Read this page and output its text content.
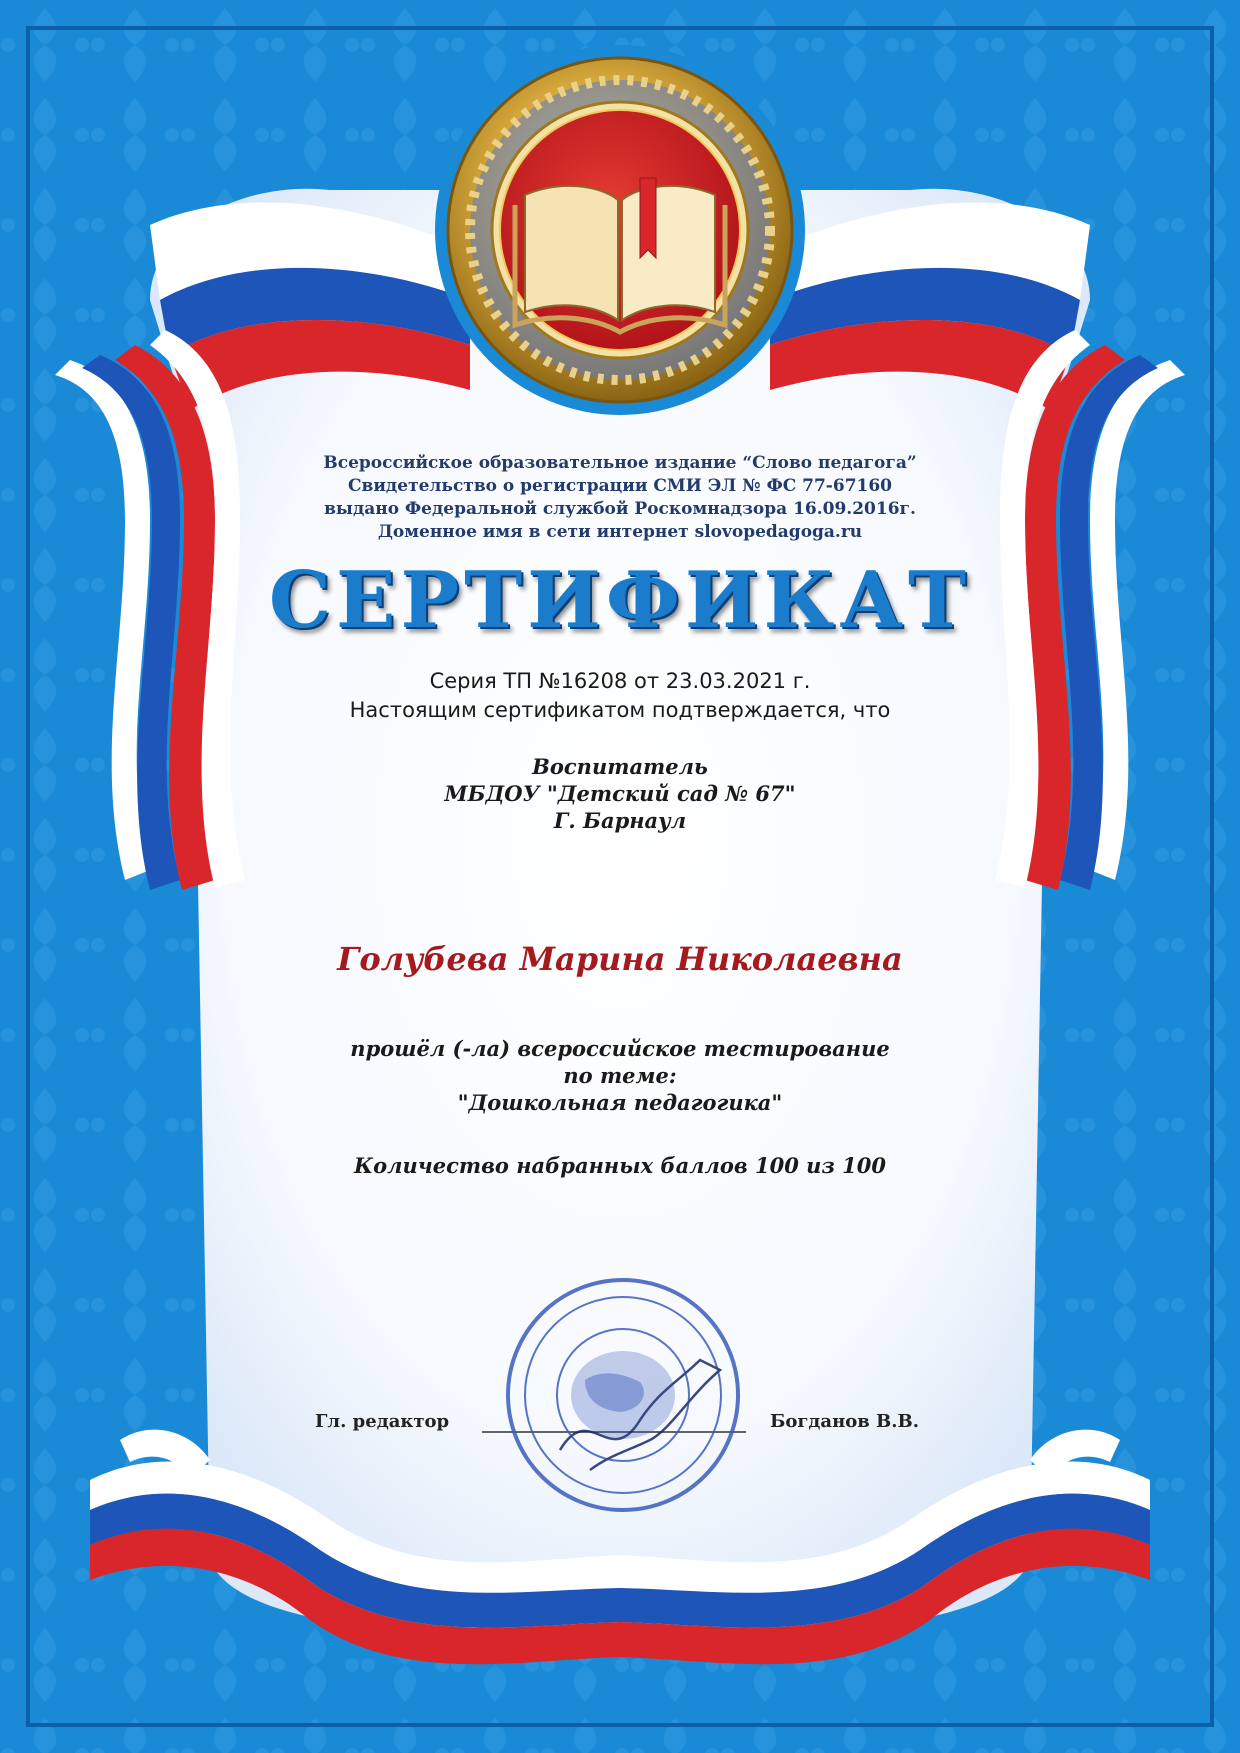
Всероссийское образовательное издание “Слово педагога”
Свидетельство о регистрации СМИ ЭЛ № ФС 77-67160
выдано Федеральной службой Роскомнадзора 16.09.2016г.
Доменное имя в сети интернет slovopedagoga.ru
СЕРТИФИКАТ
Серия ТП №16208 от 23.03.2021 г.
Настоящим сертификатом подтверждается, что
Воспитатель
МБДОУ "Детский сад № 67"
Г. Барнаул
Голубева Марина Николаевна
прошёл (-ла) всероссийское тестирование
по теме:
"Дошкольная педагогика"
Количество набранных баллов 100 из 100
Гл. редактор	Богданов В.В.
